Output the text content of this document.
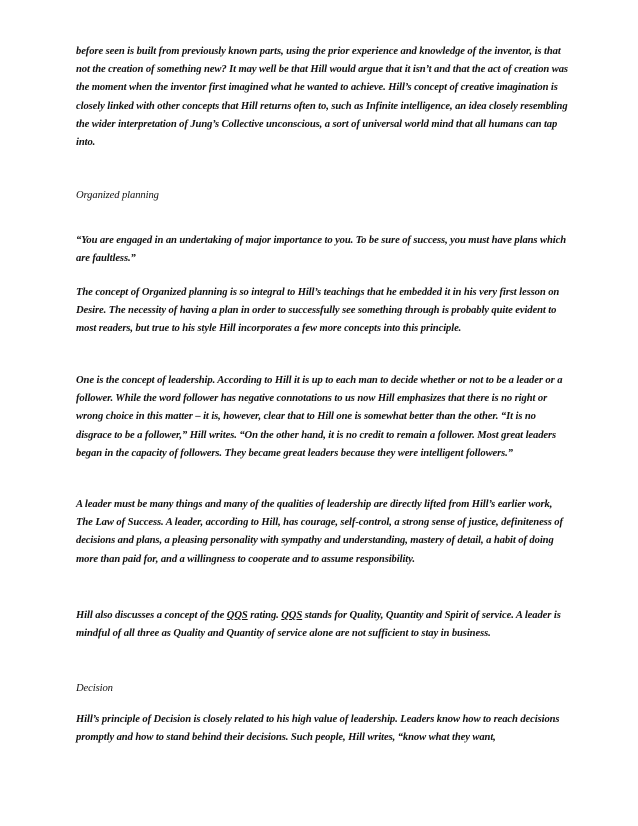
before seen is built from previously known parts, using the prior experience and knowledge of the inventor, is that not the creation of something new? It may well be that Hill would argue that it isn’t and that the act of creation was the moment when the inventor first imagined what he wanted to achieve. Hill’s concept of creative imagination is closely linked with other concepts that Hill returns often to, such as Infinite intelligence, an idea closely resembling the wider interpretation of Jung’s Collective unconscious, a sort of universal world mind that all humans can tap into.
Organized planning
“You are engaged in an undertaking of major importance to you. To be sure of success, you must have plans which are faultless.”
The concept of Organized planning is so integral to Hill’s teachings that he embedded it in his very first lesson on Desire. The necessity of having a plan in order to successfully see something through is probably quite evident to most readers, but true to his style Hill incorporates a few more concepts into this principle.
One is the concept of leadership. According to Hill it is up to each man to decide whether or not to be a leader or a follower. While the word follower has negative connotations to us now Hill emphasizes that there is no right or wrong choice in this matter – it is, however, clear that to Hill one is somewhat better than the other. “It is no disgrace to be a follower,” Hill writes. “On the other hand, it is no credit to remain a follower. Most great leaders began in the capacity of followers. They became great leaders because they were intelligent followers.”
A leader must be many things and many of the qualities of leadership are directly lifted from Hill’s earlier work, The Law of Success. A leader, according to Hill, has courage, self-control, a strong sense of justice, definiteness of decisions and plans, a pleasing personality with sympathy and understanding, mastery of detail, a habit of doing more than paid for, and a willingness to cooperate and to assume responsibility.
Hill also discusses a concept of the QQS rating. QQS stands for Quality, Quantity and Spirit of service. A leader is mindful of all three as Quality and Quantity of service alone are not sufficient to stay in business.
Decision
Hill’s principle of Decision is closely related to his high value of leadership. Leaders know how to reach decisions promptly and how to stand behind their decisions. Such people, Hill writes, “know what they want,
